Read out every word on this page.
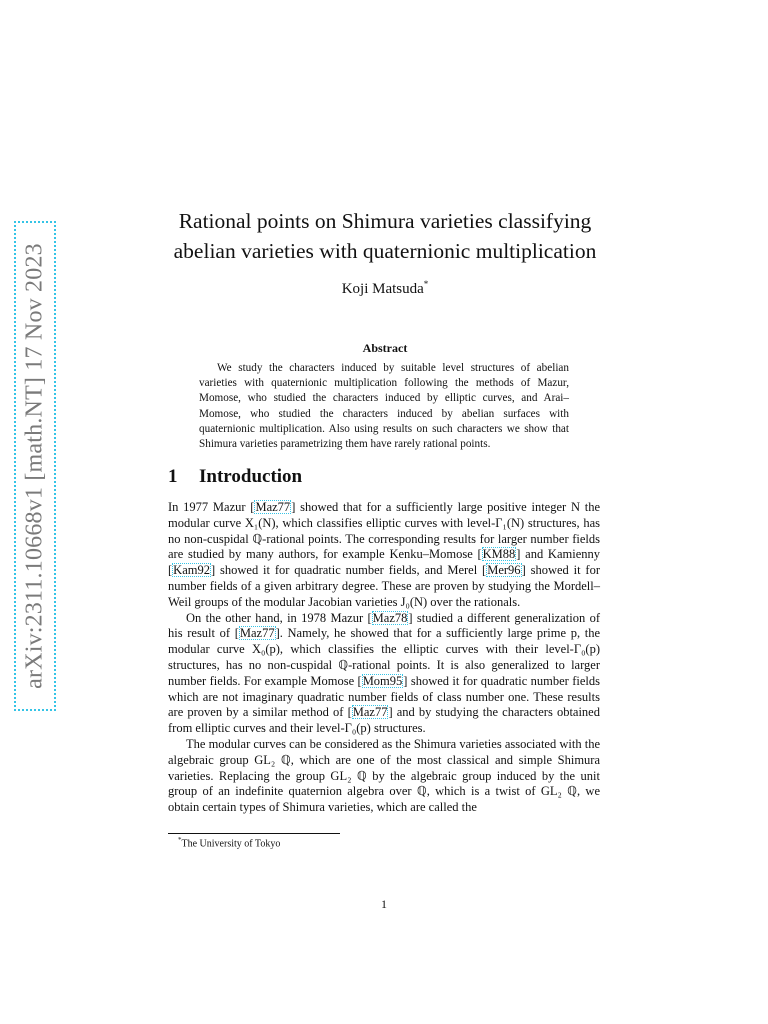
arXiv:2311.10668v1 [math.NT] 17 Nov 2023
Rational points on Shimura varieties classifying
abelian varieties with quaternionic multiplication
Koji Matsuda*
Abstract

We study the characters induced by suitable level structures of abelian varieties with quaternionic multiplication following the methods of Mazur, Momose, who studied the characters induced by elliptic curves, and Arai–Momose, who studied the characters induced by abelian surfaces with quaternionic multiplication. Also using results on such characters we show that Shimura varieties parametrizing them have rarely rational points.

1 Introduction

In 1977 Mazur [Maz77] showed that for a sufficiently large positive integer N the modular curve X₁(N), which classifies elliptic curves with level-Γ₁(N) structures, has no non-cuspidal ℚ-rational points. The corresponding results for larger number fields are studied by many authors, for example Kenku–Momose [KM88] and Kamienny [Kam92] showed it for quadratic number fields, and Merel [Mer96] showed it for number fields of a given arbitrary degree. These are proven by studying the Mordell–Weil groups of the modular Jacobian varieties J₀(N) over the rationals.

On the other hand, in 1978 Mazur [Maz78] studied a different generalization of his result of [Maz77]. Namely, he showed that for a sufficiently large prime p, the modular curve X₀(p), which classifies the elliptic curves with their level-Γ₀(p) structures, has no non-cuspidal ℚ-rational points. It is also generalized to larger number fields. For example Momose [Mom95] showed it for quadratic number fields which are not imaginary quadratic number fields of class number one. These results are proven by a similar method of [Maz77] and by studying the characters obtained from elliptic curves and their level-Γ₀(p) structures.

The modular curves can be considered as the Shimura varieties associated with the algebraic group GL₂ ℚ, which are one of the most classical and simple Shimura varieties. Replacing the group GL₂ ℚ by the algebraic group induced by the unit group of an indefinite quaternion algebra over ℚ, which is a twist of GL₂ ℚ, we obtain certain types of Shimura varieties, which are called the

*The University of Tokyo
1
